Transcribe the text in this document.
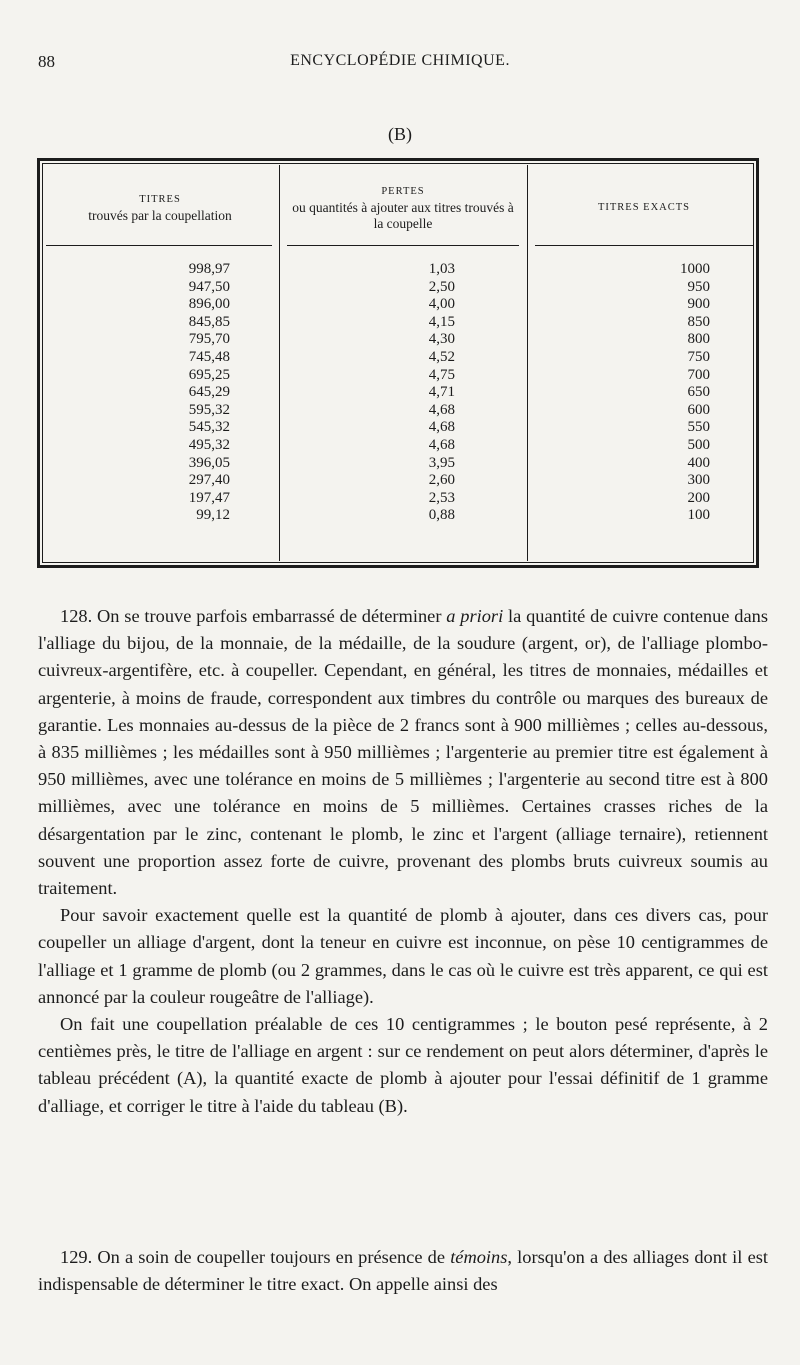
88	ENCYCLOPÉDIE CHIMIQUE.
(B)
TITRES
trouvés par la coupellation
PERTES
ou quantités à ajouter aux titres trouvés à la coupelle
TITRES EXACTS
998,97
947,50
896,00
845,85
795,70
745,48
695,25
645,29
595,32
545,32
495,32
396,05
297,40
197,47
99,12
1,03
2,50
4,00
4,15
4,30
4,52
4,75
4,71
4,68
4,68
4,68
3,95
2,60
2,53
0,88
1000
950
900
850
800
750
700
650
600
550
500
400
300
200
100

128. On se trouve parfois embarrassé de déterminer a priori la quantité de cuivre contenue dans l'alliage du bijou, de la monnaie, de la médaille, de la soudure (argent, or), de l'alliage plombo-cuivreux-argentifère, etc. à coupeller. Cependant, en général, les titres de monnaies, médailles et argenterie, à moins de fraude, correspondent aux timbres du contrôle ou marques des bureaux de garantie. Les monnaies au-dessus de la pièce de 2 francs sont à 900 millièmes ; celles au-dessous, à 835 millièmes ; les médailles sont à 950 millièmes ; l'argenterie au premier titre est également à 950 millièmes, avec une tolérance en moins de 5 millièmes ; l'argenterie au second titre est à 800 millièmes, avec une tolérance en moins de 5 millièmes. Certaines crasses riches de la désargentation par le zinc, contenant le plomb, le zinc et l'argent (alliage ternaire), retiennent souvent une proportion assez forte de cuivre, provenant des plombs bruts cuivreux soumis au traitement.

Pour savoir exactement quelle est la quantité de plomb à ajouter, dans ces divers cas, pour coupeller un alliage d'argent, dont la teneur en cuivre est inconnue, on pèse 10 centigrammes de l'alliage et 1 gramme de plomb (ou 2 grammes, dans le cas où le cuivre est très apparent, ce qui est annoncé par la couleur rougeâtre de l'alliage).

On fait une coupellation préalable de ces 10 centigrammes ; le bouton pesé représente, à 2 centièmes près, le titre de l'alliage en argent : sur ce rendement on peut alors déterminer, d'après le tableau précédent (A), la quantité exacte de plomb à ajouter pour l'essai définitif de 1 gramme d'alliage, et corriger le titre à l'aide du tableau (B).

129. On a soin de coupeller toujours en présence de témoins, lorsqu'on a des alliages dont il est indispensable de déterminer le titre exact. On appelle ainsi des
